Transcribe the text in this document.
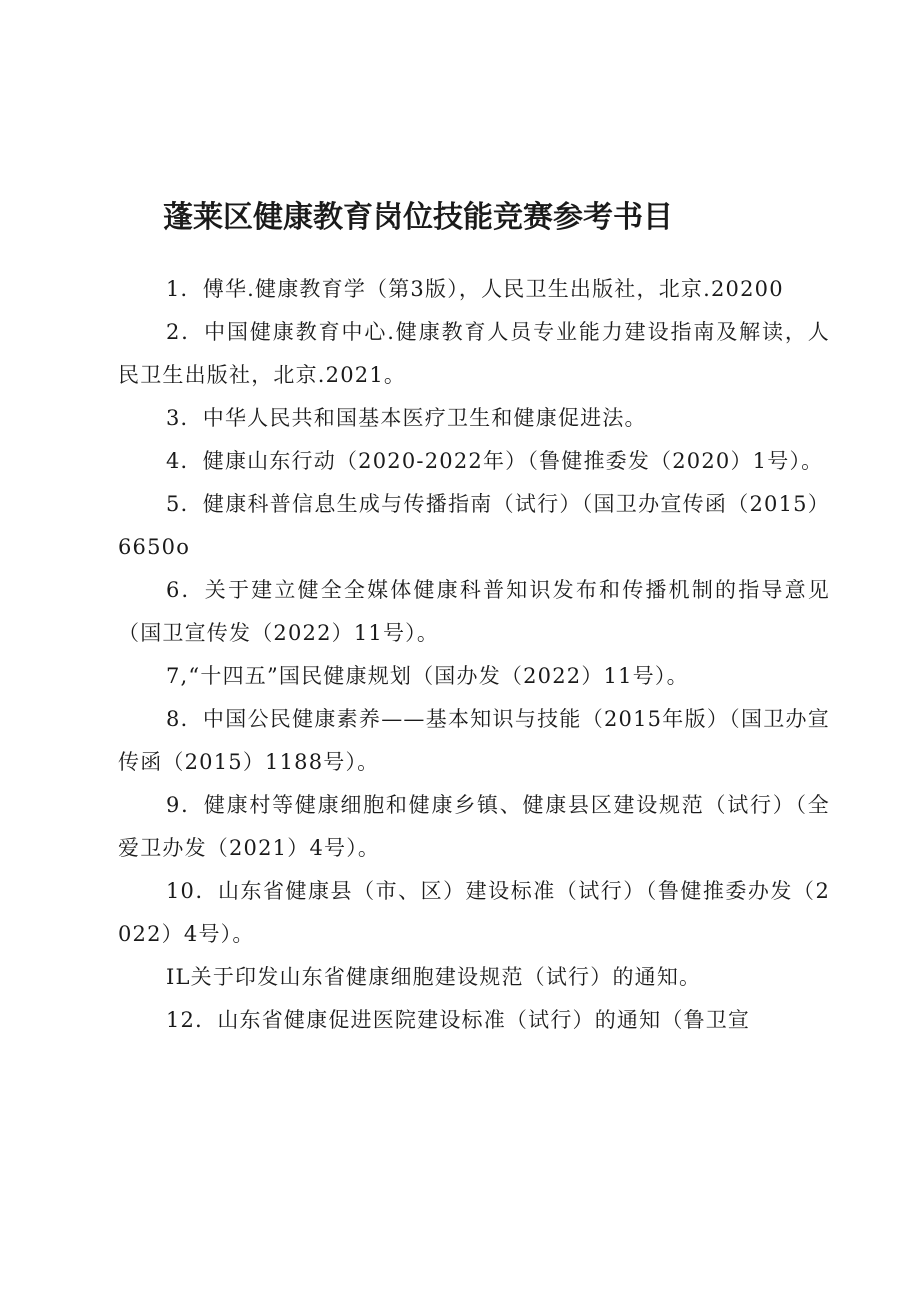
蓬莱区健康教育岗位技能竞赛参考书目

1．傅华.健康教育学（第3版），人民卫生出版社，北京.20200

2．中国健康教育中心.健康教育人员专业能力建设指南及解读，人民卫生出版社，北京.2021。

3．中华人民共和国基本医疗卫生和健康促进法。

4．健康山东行动（2020-2022年）（鲁健推委发（2020）1号）。

5．健康科普信息生成与传播指南（试行）（国卫办宣传函（2015）6650o

6．关于建立健全全媒体健康科普知识发布和传播机制的指导意见（国卫宣传发（2022）11号）。

7,“十四五”国民健康规划（国办发（2022）11号）。

8．中国公民健康素养——基本知识与技能（2015年版）（国卫办宣传函（2015）1188号）。

9．健康村等健康细胞和健康乡镇、健康县区建设规范（试行）（全爱卫办发（2021）4号）。

10．山东省健康县（市、区）建设标准（试行）（鲁健推委办发（2022）4号）。

IL关于印发山东省健康细胞建设规范（试行）的通知。

12．山东省健康促进医院建设标准（试行）的通知（鲁卫宣
